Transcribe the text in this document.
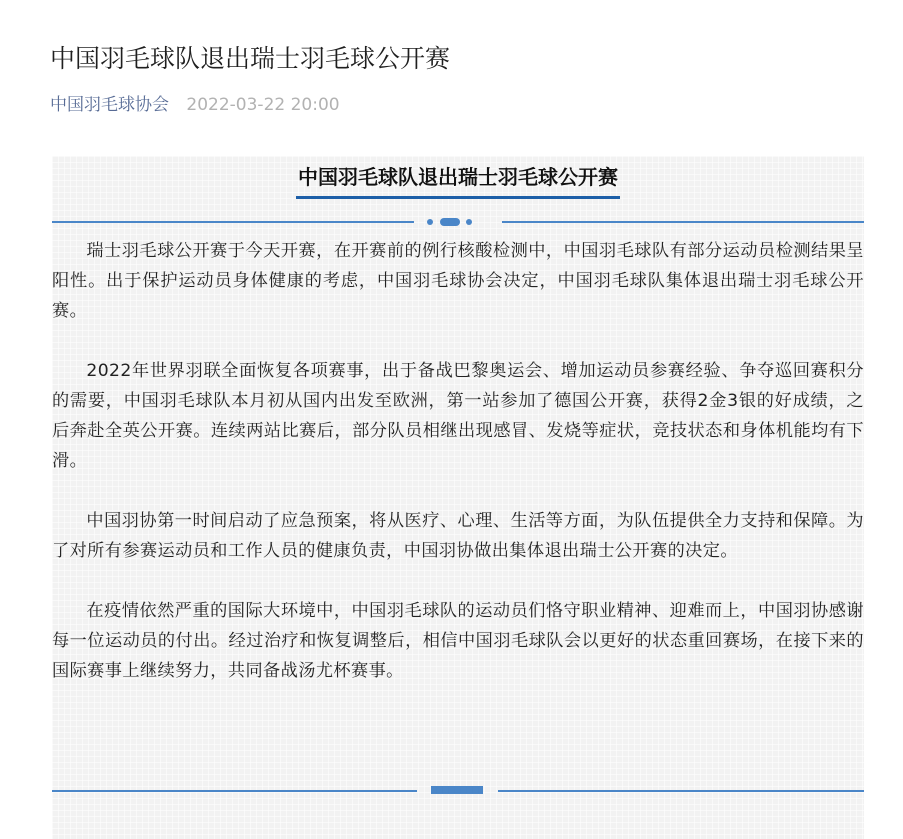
中国羽毛球队退出瑞士羽毛球公开赛
中国羽毛球协会 2022-03-22 20:00
中国羽毛球队退出瑞士羽毛球公开赛

瑞士羽毛球公开赛于今天开赛，在开赛前的例行核酸检测中，中国羽毛球队有部分运动员检测结果呈阳性。出于保护运动员身体健康的考虑，中国羽毛球协会决定，中国羽毛球队集体退出瑞士羽毛球公开赛。

2022年世界羽联全面恢复各项赛事，出于备战巴黎奥运会、增加运动员参赛经验、争夺巡回赛积分的需要，中国羽毛球队本月初从国内出发至欧洲，第一站参加了德国公开赛，获得2金3银的好成绩，之后奔赴全英公开赛。连续两站比赛后，部分队员相继出现感冒、发烧等症状，竞技状态和身体机能均有下滑。

中国羽协第一时间启动了应急预案，将从医疗、心理、生活等方面，为队伍提供全力支持和保障。为了对所有参赛运动员和工作人员的健康负责，中国羽协做出集体退出瑞士公开赛的决定。

在疫情依然严重的国际大环境中，中国羽毛球队的运动员们恪守职业精神、迎难而上，中国羽协感谢每一位运动员的付出。经过治疗和恢复调整后，相信中国羽毛球队会以更好的状态重回赛场，在接下来的国际赛事上继续努力，共同备战汤尤杯赛事。
